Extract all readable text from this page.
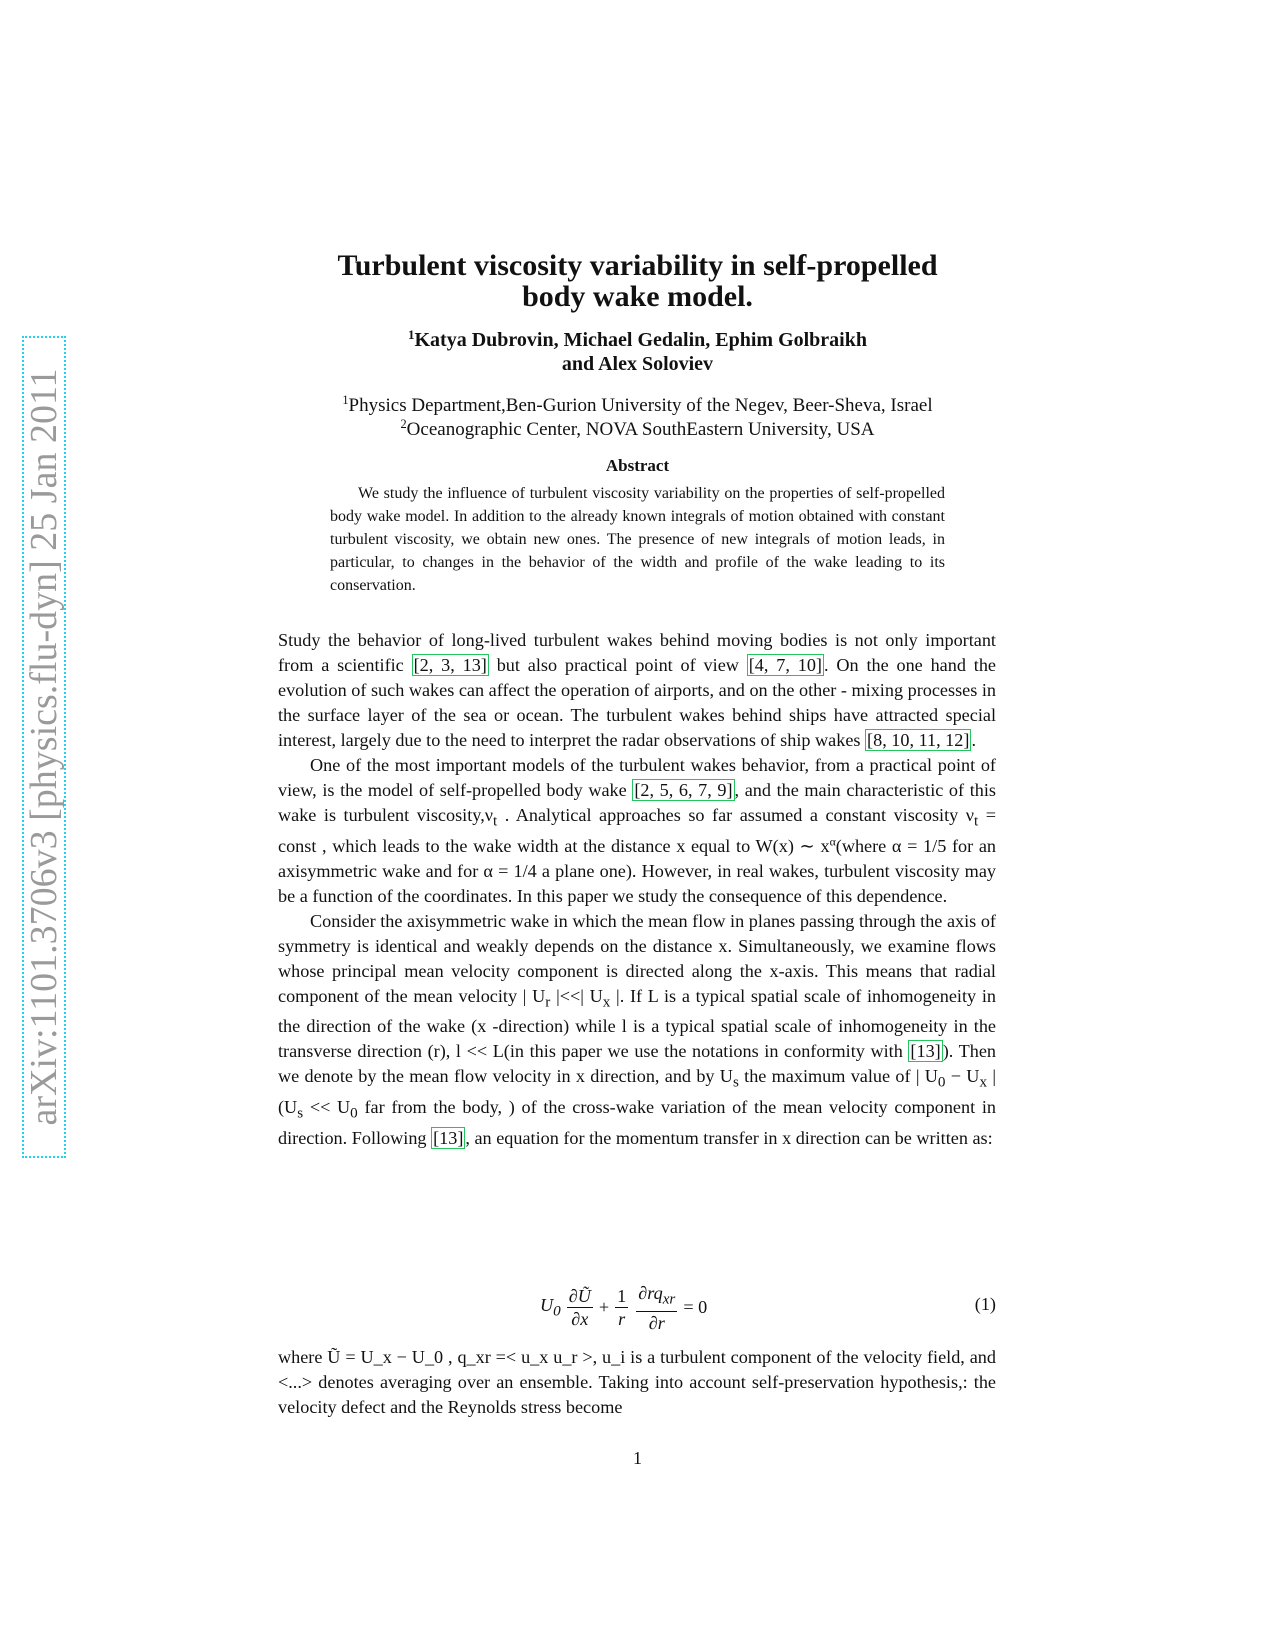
arXiv:1101.3706v3 [physics.flu-dyn] 25 Jan 2011
Turbulent viscosity variability in self-propelled
body wake model.
$^1$Katya Dubrovin, Michael Gedalin, Ephim Golbraikh
and Alex Soloviev
$^1$Physics Department,Ben-Gurion University of the Negev, Beer-Sheva, Israel
$^2$Oceanographic Center, NOVA SouthEastern University, USA
Abstract
We study the influence of turbulent viscosity variability on the properties of self-propelled body wake model. In addition to the already known integrals of motion obtained with constant turbulent viscosity, we obtain new ones. The presence of new integrals of motion leads, in particular, to changes in the behavior of the width and profile of the wake leading to its conservation.

Study the behavior of long-lived turbulent wakes behind moving bodies is not only important from a scientific [2, 3, 13] but also practical point of view [4, 7, 10] . On the one hand the evolution of such wakes can affect the operation of airports, and on the other - mixing processes in the surface layer of the sea or ocean. The turbulent wakes behind ships have attracted special interest, largely due to the need to interpret the radar observations of ship wakes [8, 10, 11, 12] .

One of the most important models of the turbulent wakes behavior, from a practical point of view, is the model of self-propelled body wake [2, 5, 6, 7, 9] , and the main characteristic of this wake is turbulent $viscosity,\nu_t$ . Analytical approaches so far assumed a constant viscosity $\nu_t$ = const , which leads to the wake width at the distance x equal to W(x) ∼ $x^\alpha(where$ α = 1/5 for an axisymmetric wake and for α = 1/4 a plane one). However, in real wakes, turbulent viscosity may be a function of the coordinates. In this paper we study the consequence of this dependence.

Consider the axisymmetric wake in which the mean flow in planes passing through the axis of symmetry is identical and weakly depends on the distance x. Simultaneously, we examine flows whose principal mean velocity component is directed along the x-axis. This means that radial component of the mean velocity | $U_r$ |<<| $U_x$ |. If L is a typical spatial scale of inhomogeneity in the direction of the wake (x -direction) while l is a typical spatial scale of inhomogeneity in the transverse direction (r), l << L(in this paper we use the notations in conformity with [13] ). Then we denote by the mean flow velocity in x direction, and by $U_s$ the maximum value of | $U_0 - U_x$ | ($U_s << U_0$ far from the body, ) of the cross-wake variation of the mean velocity component in direction. Following [13] , an equation for the momentum transfer in x direction can be written as:

$U_0 \frac{\partial Ũ}{\partial x} + \frac{1}{r} \frac{\partial rq_{xr}}{\partial r} = 0$	(1)
where Ũ = U_x − U_0 , q_xr =< u_x u_r >, u_i is a turbulent component of the velocity field, and <...> denotes averaging over an ensemble. Taking into account self-preservation hypothesis,: the velocity defect and the Reynolds stress become
1
